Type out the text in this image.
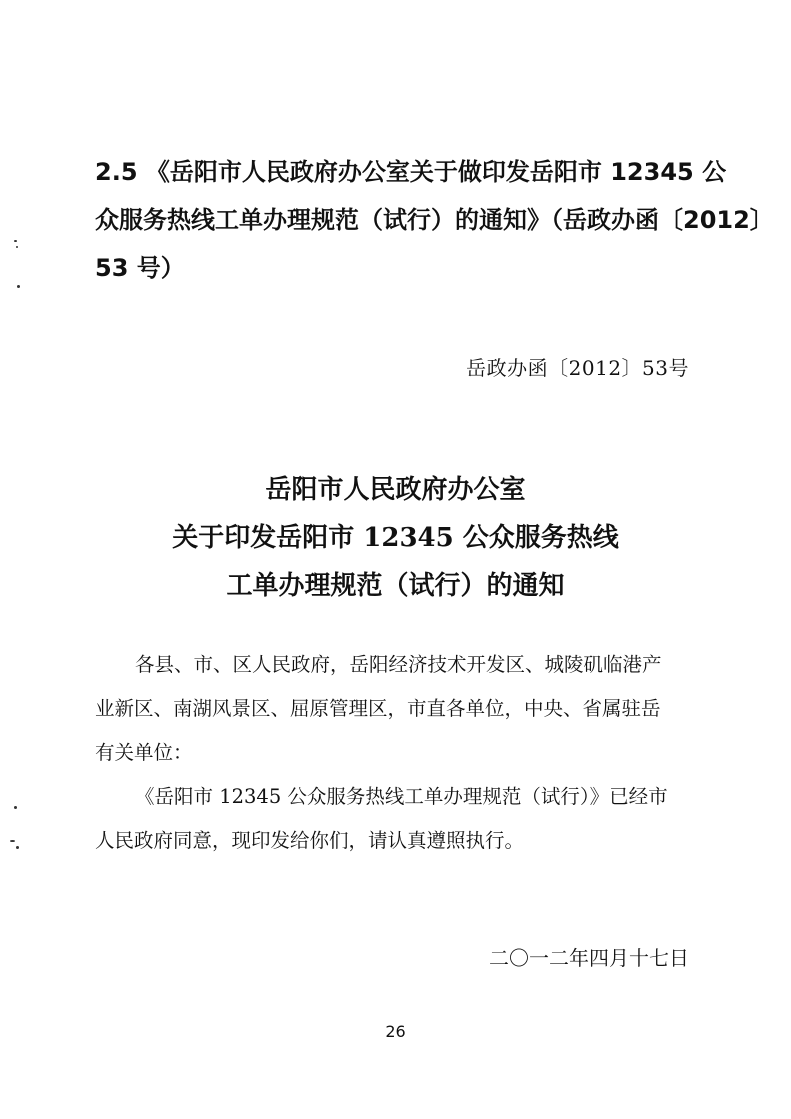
2.5 《岳阳市人民政府办公室关于做印发岳阳市 12345 公
众服务热线工单办理规范（试行）的通知》（岳政办函〔2012〕
53 号）
岳政办函〔2012〕53号
岳阳市人民政府办公室
关于印发岳阳市 12345 公众服务热线
工单办理规范（试行）的通知
各县、市、区人民政府，岳阳经济技术开发区、城陵矶临港产
业新区、南湖风景区、屈原管理区，市直各单位，中央、省属驻岳
有关单位：
《岳阳市 12345 公众服务热线工单办理规范（试行）》已经市
人民政府同意，现印发给你们，请认真遵照执行。
二〇一二年四月十七日
26
